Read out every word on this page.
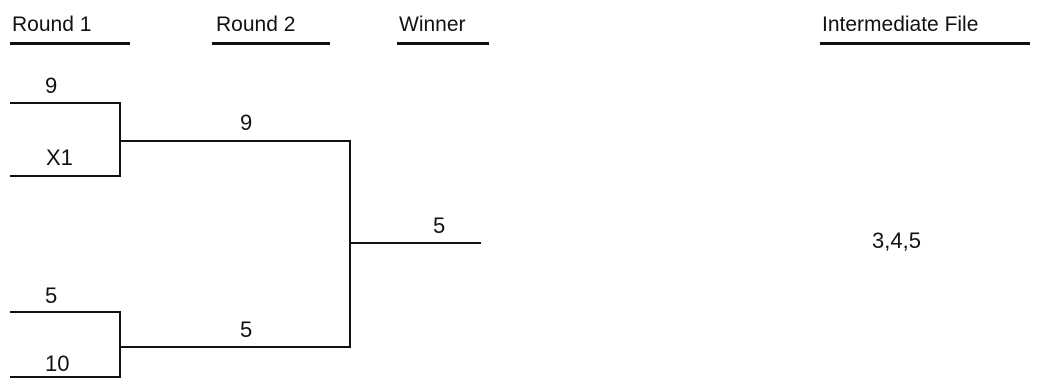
Round 1	Round 2	Winner	Intermediate File
9
X1
9
5
10
5
5
3,4,5
